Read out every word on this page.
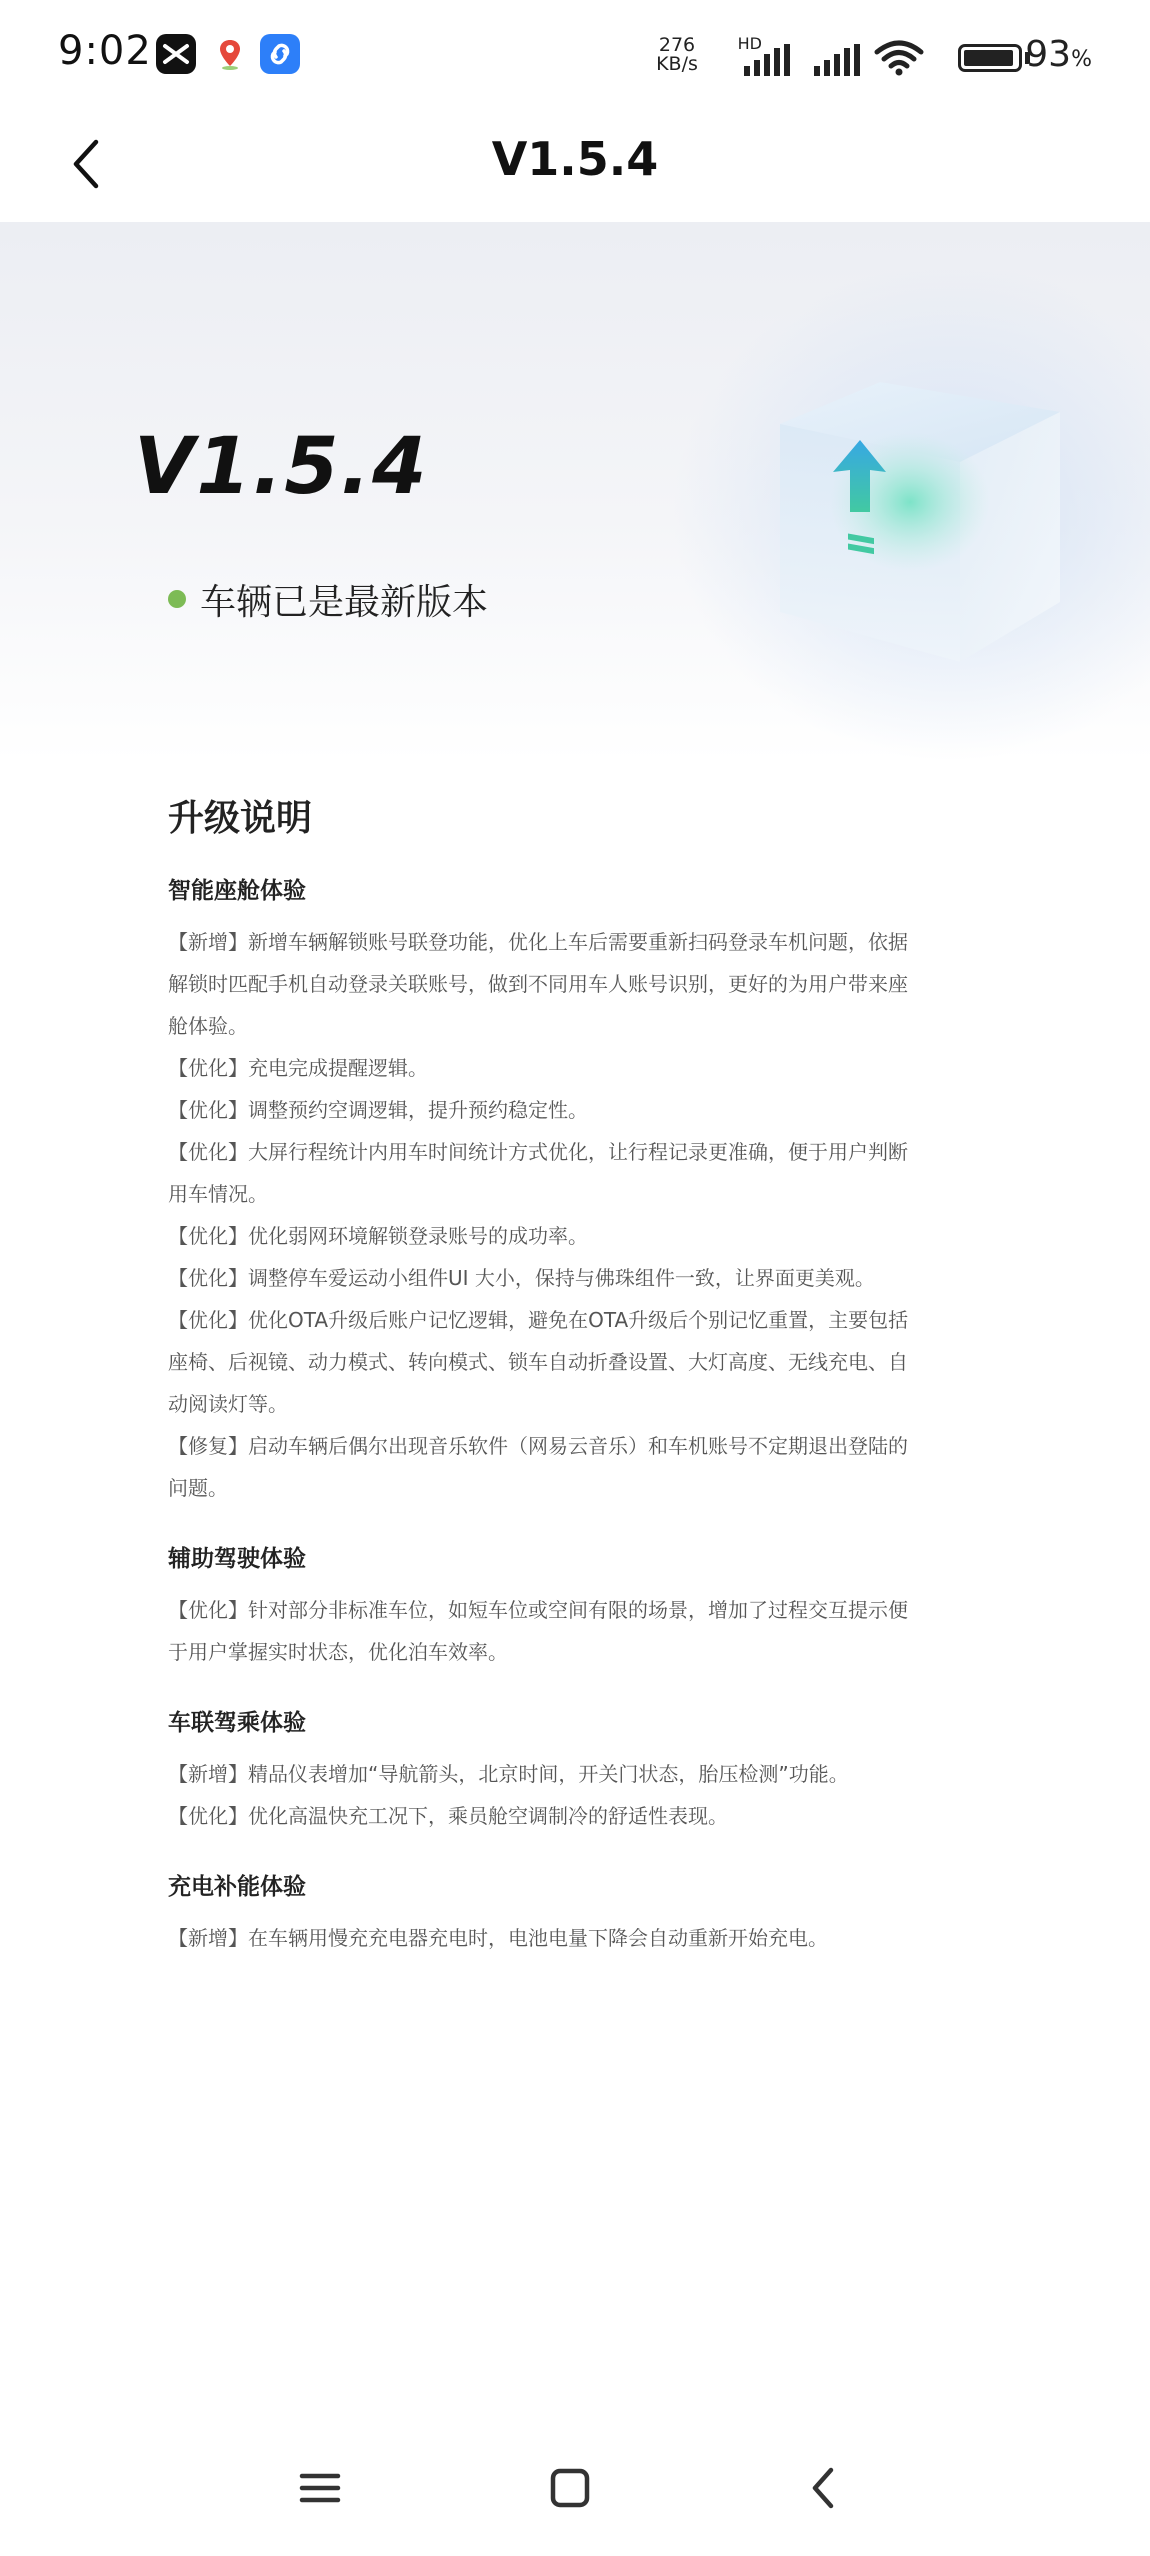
9:02	276
KB/s
HD	93%
V1.5.4
V1.5.4
车辆已是最新版本
升级说明
智能座舱体验
【新增】新增车辆解锁账号联登功能，优化上车后需要重新扫码登录车机问题，依据
解锁时匹配手机自动登录关联账号，做到不同用车人账号识别，更好的为用户带来座
舱体验。
【优化】充电完成提醒逻辑。
【优化】调整预约空调逻辑，提升预约稳定性。
【优化】大屏行程统计内用车时间统计方式优化，让行程记录更准确，便于用户判断
用车情况。
【优化】优化弱网环境解锁登录账号的成功率。
【优化】调整停车爱运动小组件UI 大小，保持与佛珠组件一致，让界面更美观。
【优化】优化OTA升级后账户记忆逻辑，避免在OTA升级后个别记忆重置，主要包括
座椅、后视镜、动力模式、转向模式、锁车自动折叠设置、大灯高度、无线充电、自
动阅读灯等。
【修复】启动车辆后偶尔出现音乐软件（网易云音乐）和车机账号不定期退出登陆的
问题。
辅助驾驶体验
【优化】针对部分非标准车位，如短车位或空间有限的场景，增加了过程交互提示便
于用户掌握实时状态，优化泊车效率。
车联驾乘体验
【新增】精品仪表增加“导航箭头，北京时间，开关门状态，胎压检测”功能。
【优化】优化高温快充工况下，乘员舱空调制冷的舒适性表现。
充电补能体验
【新增】在车辆用慢充充电器充电时，电池电量下降会自动重新开始充电。
